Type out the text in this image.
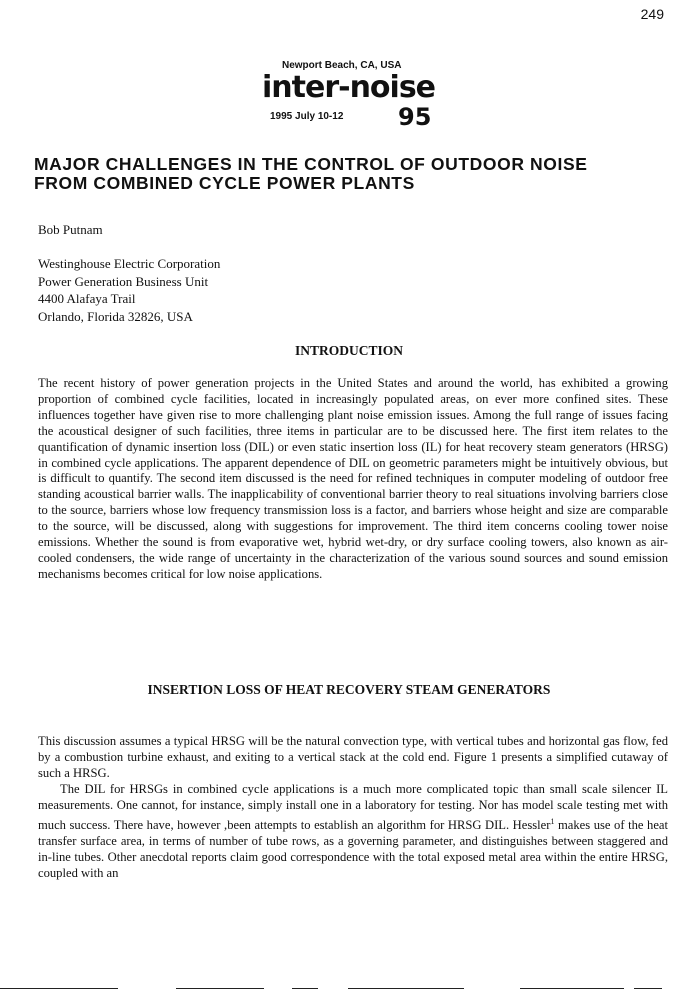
249
Newport Beach, CA, USA
inter-noise
1995 July 10-12 95
MAJOR CHALLENGES IN THE CONTROL OF OUTDOOR NOISE
FROM COMBINED CYCLE POWER PLANTS
Bob Putnam
Westinghouse Electric Corporation
Power Generation Business Unit
4400 Alafaya Trail
Orlando, Florida 32826, USA
INTRODUCTION

The recent history of power generation projects in the United States and around the world, has exhibited a growing proportion of combined cycle facilities, located in increasingly populated areas, on ever more confined sites. These influences together have given rise to more challenging plant noise emission issues. Among the full range of issues facing the acoustical designer of such facilities, three items in particular are to be discussed here. The first item relates to the quantification of dynamic insertion loss (DIL) or even static insertion loss (IL) for heat recovery steam generators (HRSG) in combined cycle applications. The apparent dependence of DIL on geometric parameters might be intuitively obvious, but is difficult to quantify. The second item discussed is the need for refined techniques in computer modeling of outdoor free standing acoustical barrier walls. The inapplicability of conventional barrier theory to real situations involving barriers close to the source, barriers whose low frequency transmission loss is a factor, and barriers whose height and size are comparable to the source, will be discussed, along with suggestions for improvement. The third item concerns cooling tower noise emissions. Whether the sound is from evaporative wet, hybrid wet-dry, or dry surface cooling towers, also known as air-cooled condensers, the wide range of uncertainty in the characterization of the various sound sources and sound emission mechanisms becomes critical for low noise applications.

INSERTION LOSS OF HEAT RECOVERY STEAM GENERATORS

This discussion assumes a typical HRSG will be the natural convection type, with vertical tubes and horizontal gas flow, fed by a combustion turbine exhaust, and exiting to a vertical stack at the cold end. Figure 1 presents a simplified cutaway of such a HRSG.

The DIL for HRSGs in combined cycle applications is a much more complicated topic than small scale silencer IL measurements. One cannot, for instance, simply install one in a laboratory for testing. Nor has model scale testing met with much success. There have, however ,been attempts to establish an algorithm for HRSG DIL. Hessler$^1$ makes use of the heat transfer surface area, in terms of number of tube rows, as a governing parameter, and distinguishes between staggered and in-line tubes. Other anecdotal reports claim good correspondence with the total exposed metal area within the entire HRSG, coupled with an
